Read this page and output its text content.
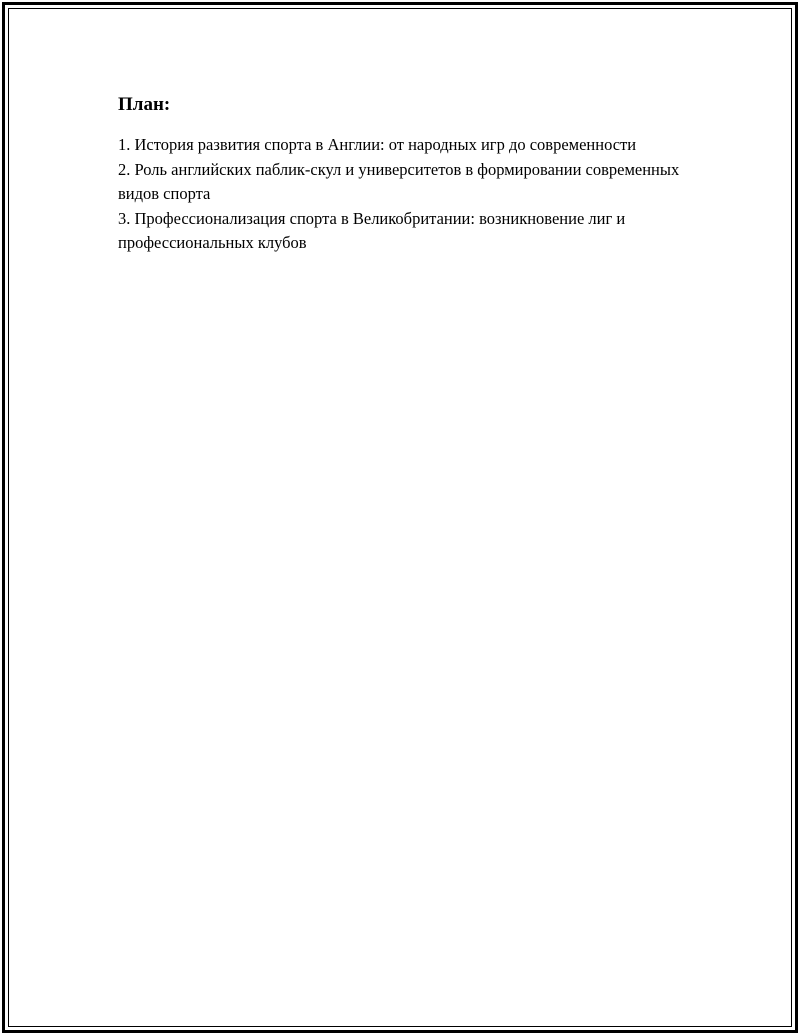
План:
1. История развития спорта в Англии: от народных игр до современности
2. Роль английских паблик-скул и университетов в формировании современных видов спорта
3. Профессионализация спорта в Великобритании: возникновение лиг и профессиональных клубов
